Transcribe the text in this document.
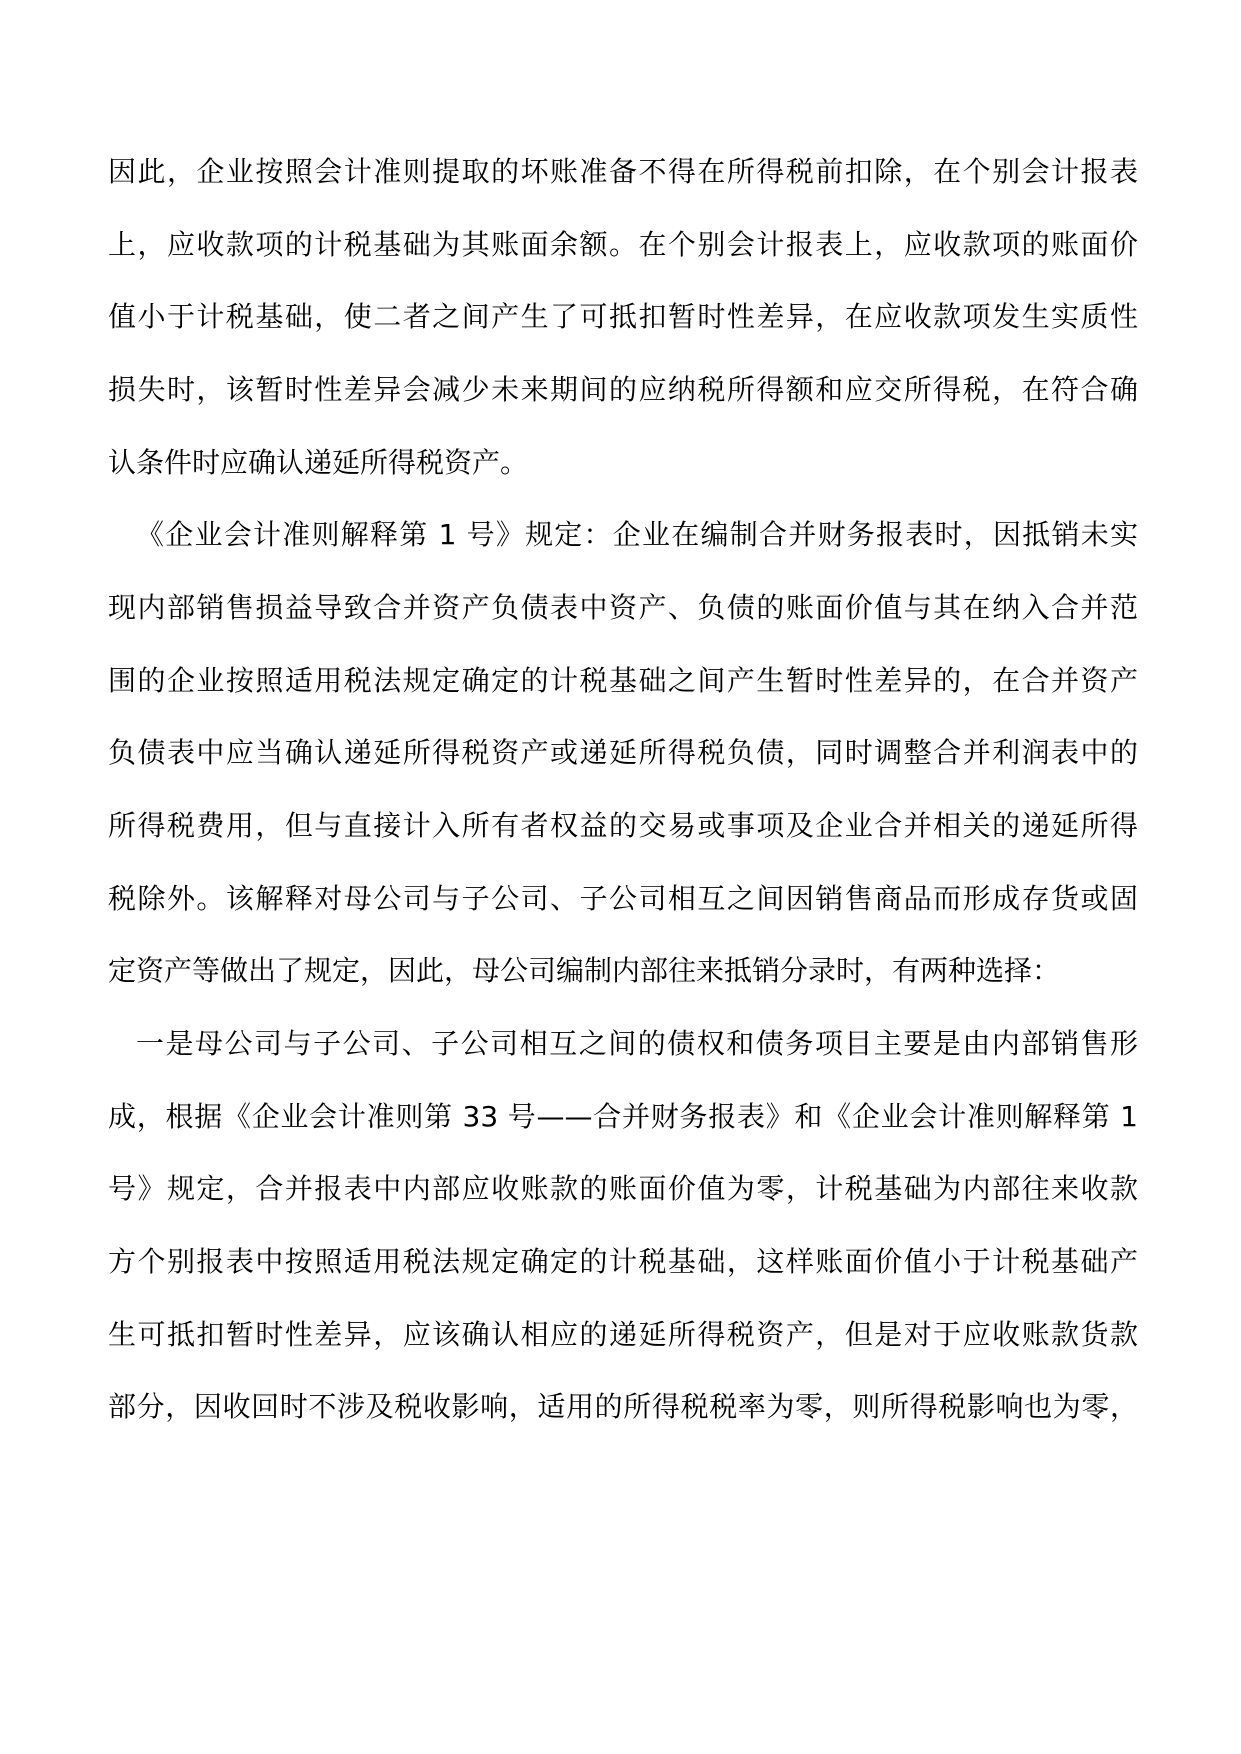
因此，企业按照会计准则提取的坏账准备不得在所得税前扣除，在个别会计报表
上，应收款项的计税基础为其账面余额。在个别会计报表上，应收款项的账面价
值小于计税基础，使二者之间产生了可抵扣暂时性差异，在应收款项发生实质性
损失时，该暂时性差异会减少未来期间的应纳税所得额和应交所得税，在符合确
认条件时应确认递延所得税资产。
《企业会计准则解释第 1 号》规定：企业在编制合并财务报表时，因抵销未实
现内部销售损益导致合并资产负债表中资产、负债的账面价值与其在纳入合并范
围的企业按照适用税法规定确定的计税基础之间产生暂时性差异的，在合并资产
负债表中应当确认递延所得税资产或递延所得税负债，同时调整合并利润表中的
所得税费用，但与直接计入所有者权益的交易或事项及企业合并相关的递延所得
税除外。该解释对母公司与子公司、子公司相互之间因销售商品而形成存货或固
定资产等做出了规定，因此，母公司编制内部往来抵销分录时，有两种选择：
一是母公司与子公司、子公司相互之间的债权和债务项目主要是由内部销售形
成，根据《企业会计准则第 33 号——合并财务报表》和《企业会计准则解释第 1
号》规定，合并报表中内部应收账款的账面价值为零，计税基础为内部往来收款
方个别报表中按照适用税法规定确定的计税基础，这样账面价值小于计税基础产
生可抵扣暂时性差异，应该确认相应的递延所得税资产，但是对于应收账款货款
部分，因收回时不涉及税收影响，适用的所得税税率为零，则所得税影响也为零，
